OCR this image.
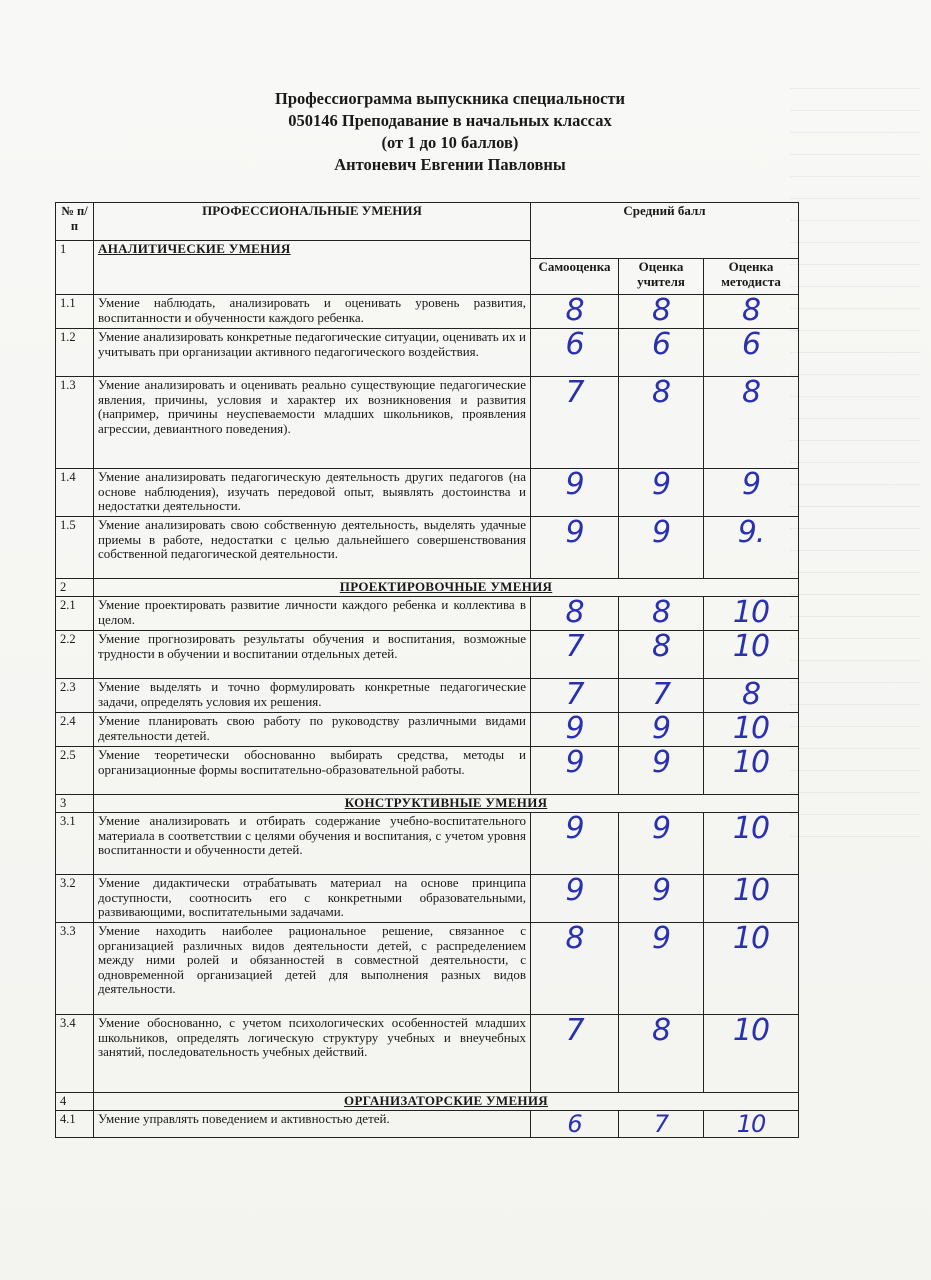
Профессиограмма выпускника специальности
050146 Преподавание в начальных классах
(от 1 до 10 баллов)
Антоневич Евгении Павловны
№ п/п	ПРОФЕССИОНАЛЬНЫЕ УМЕНИЯ	Средний балл		
1	АНАЛИТИЧЕСКИЕ УМЕНИЯ			
		Самооценка	Оценка учителя	Оценка методиста
1.1	Умение наблюдать, анализировать и оценивать уровень развития, воспитанности и обученности каждого ребенка.	8	8	8
1.2	Умение анализировать конкретные педагогические ситуации, оценивать их и учитывать при организации активного педагогического воздействия.	6	6	6
1.3	Умение анализировать и оценивать реально существующие педагогические явления, причины, условия и характер их возникновения и развития (например, причины неуспеваемости младших школьников, проявления агрессии, девиантного поведения).	7	8	8
1.4	Умение анализировать педагогическую деятельность других педагогов (на основе наблюдения), изучать передовой опыт, выявлять достоинства и недостатки деятельности.	9	9	9
1.5	Умение анализировать свою собственную деятельность, выделять удачные приемы в работе, недостатки с целью дальнейшего совершенствования собственной педагогической деятельности.	9	9	9.
2	ПРОЕКТИРОВОЧНЫЕ УМЕНИЯ			
2.1	Умение проектировать развитие личности каждого ребенка и коллектива в целом.	8	8	10
2.2	Умение прогнозировать результаты обучения и воспитания, возможные трудности в обучении и воспитании отдельных детей.	7	8	10
2.3	Умение выделять и точно формулировать конкретные педагогические задачи, определять условия их решения.	7	7	8
2.4	Умение планировать свою работу по руководству различными видами деятельности детей.	9	9	10
2.5	Умение теоретически обоснованно выбирать средства, методы и организационные формы воспитательно-образовательной работы.	9	9	10
3	КОНСТРУКТИВНЫЕ УМЕНИЯ			
3.1	Умение анализировать и отбирать содержание учебно-воспитательного материала в соответствии с целями обучения и воспитания, с учетом уровня воспитанности и обученности детей.	9	9	10
3.2	Умение дидактически отрабатывать материал на основе принципа доступности, соотносить его с конкретными образовательными, развивающими, воспитательными задачами.	9	9	10
3.3	Умение находить наиболее рациональное решение, связанное с организацией различных видов деятельности детей, с распределением между ними ролей и обязанностей в совместной деятельности, с одновременной организацией детей для выполнения разных видов деятельности.	8	9	10
3.4	Умение обоснованно, с учетом психологических особенностей младших школьников, определять логическую структуру учебных и внеучебных занятий, последовательность учебных действий.	7	8	10
4	ОРГАНИЗАТОРСКИЕ УМЕНИЯ			
4.1	Умение управлять поведением и активностью детей.	6	7	10
